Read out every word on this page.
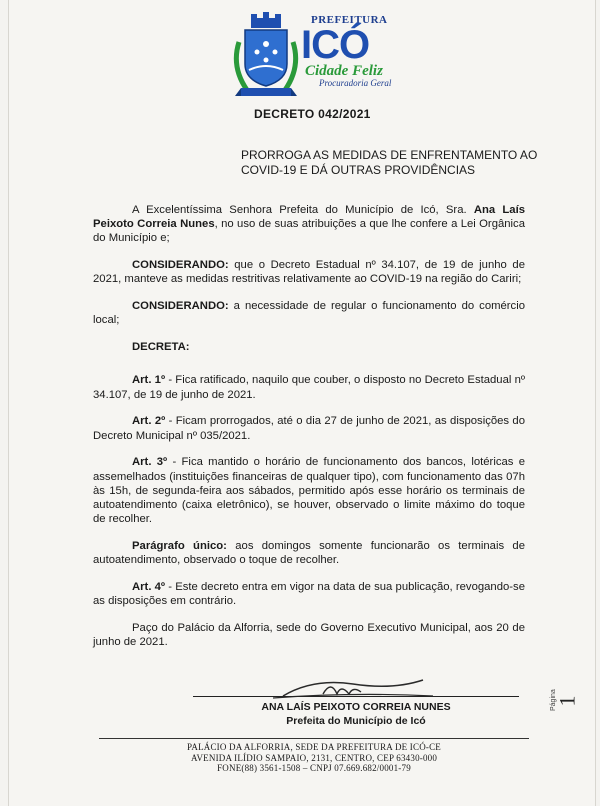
PREFEITURA
ICÓ
Cidade Feliz
Procuradoria Geral
DECRETO 042/2021
PRORROGA AS MEDIDAS DE ENFRENTAMENTO AO COVID-19 E DÁ OUTRAS PROVIDÊNCIAS

A Excelentíssima Senhora Prefeita do Município de Icó, Sra. Ana Laís Peixoto Correia Nunes, no uso de suas atribuições a que lhe confere a Lei Orgânica do Município e;

CONSIDERANDO: que o Decreto Estadual nº 34.107, de 19 de junho de 2021, manteve as medidas restritivas relativamente ao COVID-19 na região do Cariri;

CONSIDERANDO: a necessidade de regular o funcionamento do comércio local;

DECRETA:

Art. 1º - Fica ratificado, naquilo que couber, o disposto no Decreto Estadual nº 34.107, de 19 de junho de 2021.

Art. 2º - Ficam prorrogados, até o dia 27 de junho de 2021, as disposições do Decreto Municipal nº 035/2021.

Art. 3º - Fica mantido o horário de funcionamento dos bancos, lotéricas e assemelhados (instituições financeiras de qualquer tipo), com funcionamento das 07h às 15h, de segunda-feira aos sábados, permitido após esse horário os terminais de autoatendimento (caixa eletrônico), se houver, observado o limite máximo do toque de recolher.

Parágrafo único: aos domingos somente funcionarão os terminais de autoatendimento, observado o toque de recolher.

Art. 4º - Este decreto entra em vigor na data de sua publicação, revogando-se as disposições em contrário.

Paço do Palácio da Alforria, sede do Governo Executivo Municipal, aos 20 de junho de 2021.

ANA LAÍS PEIXOTO CORREIA NUNES
Prefeita do Município de Icó
Página
1
PALÁCIO DA ALFORRIA, SEDE DA PREFEITURA DE ICÓ-CE
AVENIDA ILÍDIO SAMPAIO, 2131, CENTRO, CEP 63430-000
FONE(88) 3561-1508 – CNPJ 07.669.682/0001-79
